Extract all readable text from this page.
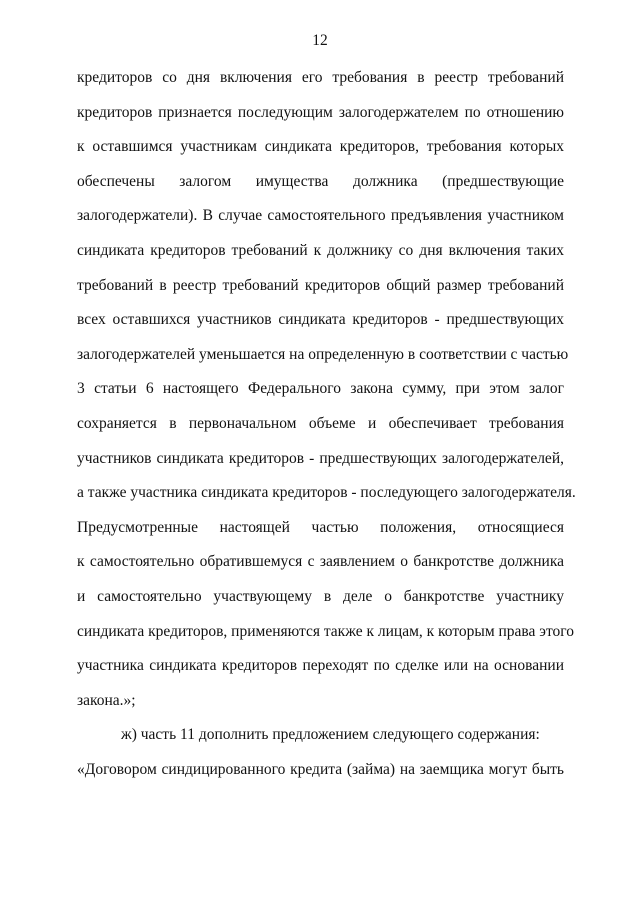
12
кредиторов со дня включения его требования в реестр требований
кредиторов признается последующим залогодержателем по отношению
к оставшимся участникам синдиката кредиторов, требования которых
обеспечены залогом имущества должника (предшествующие
залогодержатели). В случае самостоятельного предъявления участником
синдиката кредиторов требований к должнику со дня включения таких
требований в реестр требований кредиторов общий размер требований
всех оставшихся участников синдиката кредиторов - предшествующих
залогодержателей уменьшается на определенную в соответствии с частью
3 статьи 6 настоящего Федерального закона сумму, при этом залог
сохраняется в первоначальном объеме и обеспечивает требования
участников синдиката кредиторов - предшествующих залогодержателей,
а также участника синдиката кредиторов - последующего залогодержателя.
Предусмотренные настоящей частью положения, относящиеся
к самостоятельно обратившемуся с заявлением о банкротстве должника
и самостоятельно участвующему в деле о банкротстве участнику
синдиката кредиторов, применяются также к лицам, к которым права этого
участника синдиката кредиторов переходят по сделке или на основании
закона.»;
ж) часть 11 дополнить предложением следующего содержания:
«Договором синдицированного кредита (займа) на заемщика могут быть
